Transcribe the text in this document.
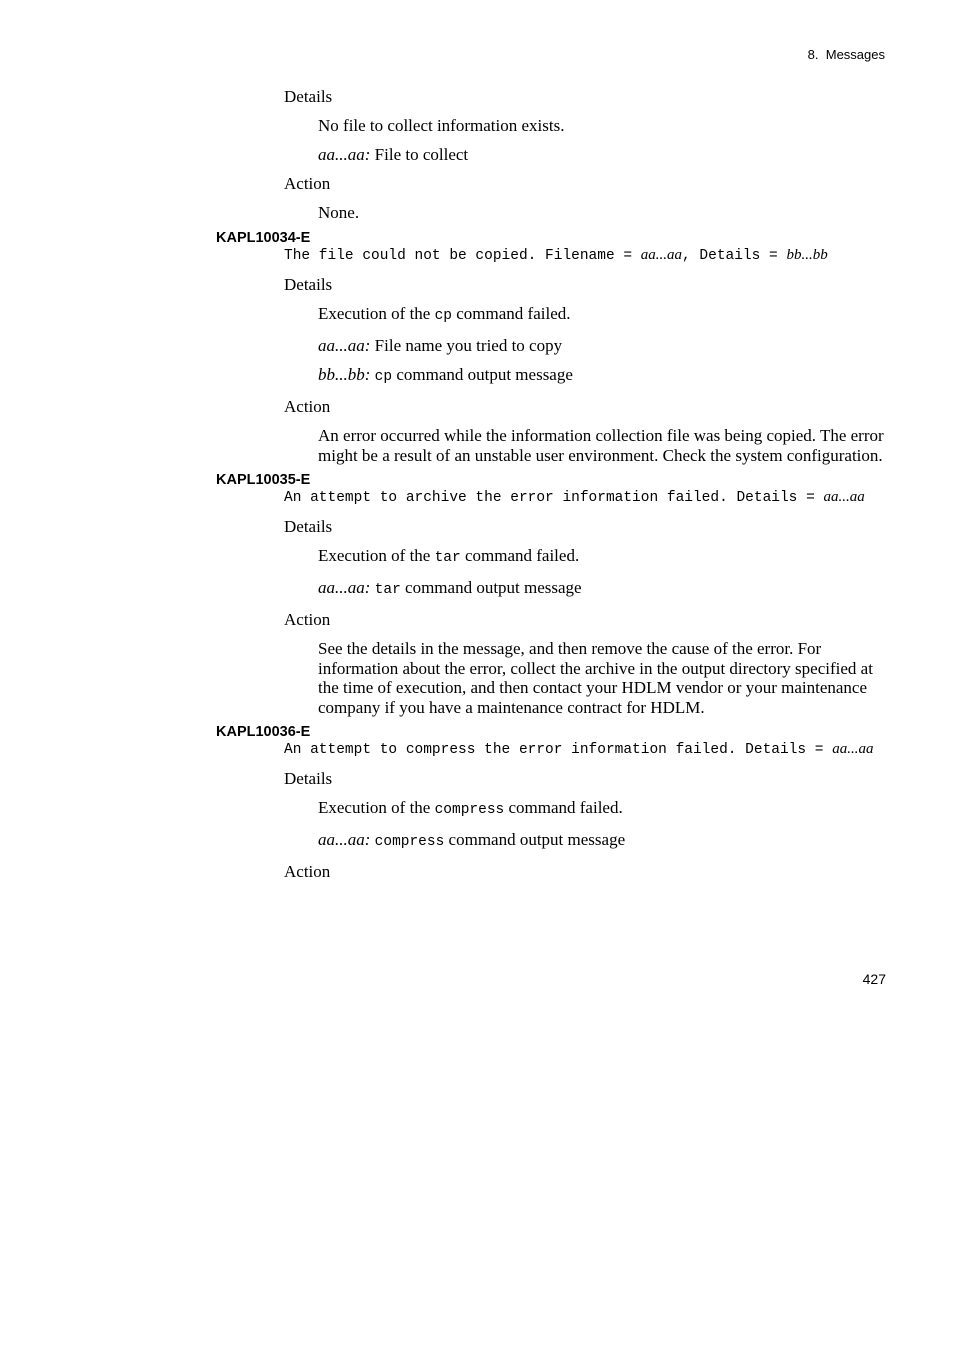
8.  Messages
Details
No file to collect information exists.
aa...aa: File to collect
Action
None.
KAPL10034-E
The file could not be copied. Filename = aa...aa, Details = bb...bb
Details
Execution of the cp command failed.
aa...aa: File name you tried to copy
bb...bb: cp command output message
Action
An error occurred while the information collection file was being copied. The error might be a result of an unstable user environment. Check the system configuration.
KAPL10035-E
An attempt to archive the error information failed. Details = aa...aa
Details
Execution of the tar command failed.
aa...aa: tar command output message
Action
See the details in the message, and then remove the cause of the error. For information about the error, collect the archive in the output directory specified at the time of execution, and then contact your HDLM vendor or your maintenance company if you have a maintenance contract for HDLM.
KAPL10036-E
An attempt to compress the error information failed. Details = aa...aa
Details
Execution of the compress command failed.
aa...aa: compress command output message
Action
427
